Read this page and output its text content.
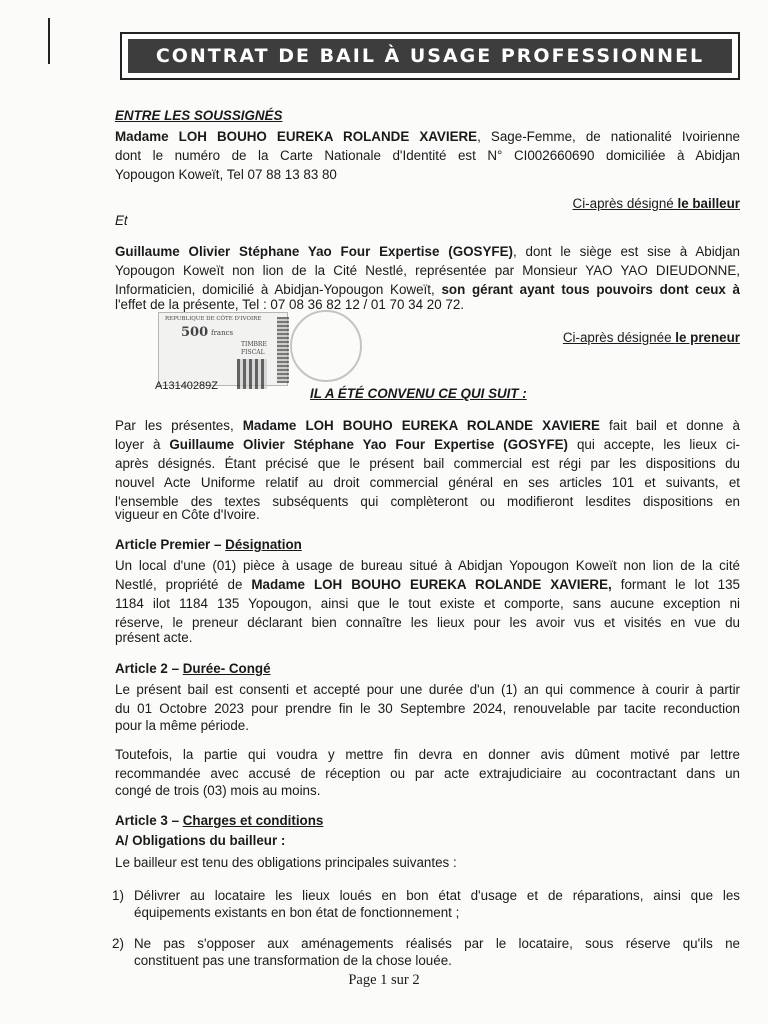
CONTRAT DE BAIL À USAGE PROFESSIONNEL
ENTRE LES SOUSSIGNÉS
Madame LOH BOUHO EUREKA ROLANDE XAVIERE, Sage-Femme, de nationalité Ivoirienne
dont le numéro de la Carte Nationale d'Identité est N° CI002660690 domiciliée à Abidjan
Yopougon Koweït, Tel 07 88 13 83 80
Ci-après désigné le bailleur
Et
Guillaume Olivier Stéphane Yao Four Expertise (GOSYFE), dont le siège est sise à Abidjan
Yopougon Koweït non lion de la Cité Nestlé, représentée par Monsieur YAO YAO DIEUDONNE,
Informaticien, domicilié à Abidjan-Yopougon Koweït, son gérant ayant tous pouvoirs dont ceux à
l'effet de la présente, Tel : 07 08 36 82 12 / 01 70 34 20 72.
REPUBLIQUE DE CÔTE D'IVOIRE
500 francs
TIMBRE
FISCAL
Ci-après désignée le preneur
A13140289Z	IL A ÉTÉ CONVENU CE QUI SUIT :
Par les présentes, Madame LOH BOUHO EUREKA ROLANDE XAVIERE fait bail et donne à
loyer à Guillaume Olivier Stéphane Yao Four Expertise (GOSYFE) qui accepte, les lieux ci-
après désignés. Étant précisé que le présent bail commercial est régi par les dispositions du
nouvel Acte Uniforme relatif au droit commercial général en ses articles 101 et suivants, et
l'ensemble des textes subséquents qui complèteront ou modifieront lesdites dispositions en
vigueur en Côte d'Ivoire.
Article Premier – Désignation
Un local d'une (01) pièce à usage de bureau situé à Abidjan Yopougon Koweït non lion de la cité
Nestlé, propriété de Madame LOH BOUHO EUREKA ROLANDE XAVIERE, formant le lot 135
1184 ilot 1184 135 Yopougon, ainsi que le tout existe et comporte, sans aucune exception ni
réserve, le preneur déclarant bien connaître les lieux pour les avoir vus et visités en vue du
présent acte.
Article 2 – Durée- Congé
Le présent bail est consenti et accepté pour une durée d'un (1) an qui commence à courir à partir
du 01 Octobre 2023 pour prendre fin le 30 Septembre 2024, renouvelable par tacite reconduction
pour la même période.
Toutefois, la partie qui voudra y mettre fin devra en donner avis dûment motivé par lettre
recommandée avec accusé de réception ou par acte extrajudiciaire au cocontractant dans un
congé de trois (03) mois au moins.
Article 3 – Charges et conditions
A/ Obligations du bailleur :
Le bailleur est tenu des obligations principales suivantes :
1) Délivrer au locataire les lieux loués en bon état d'usage et de réparations, ainsi que les
équipements existants en bon état de fonctionnement ;
2) Ne pas s'opposer aux aménagements réalisés par le locataire, sous réserve qu'ils ne
constituent pas une transformation de la chose louée.
Page 1 sur 2
